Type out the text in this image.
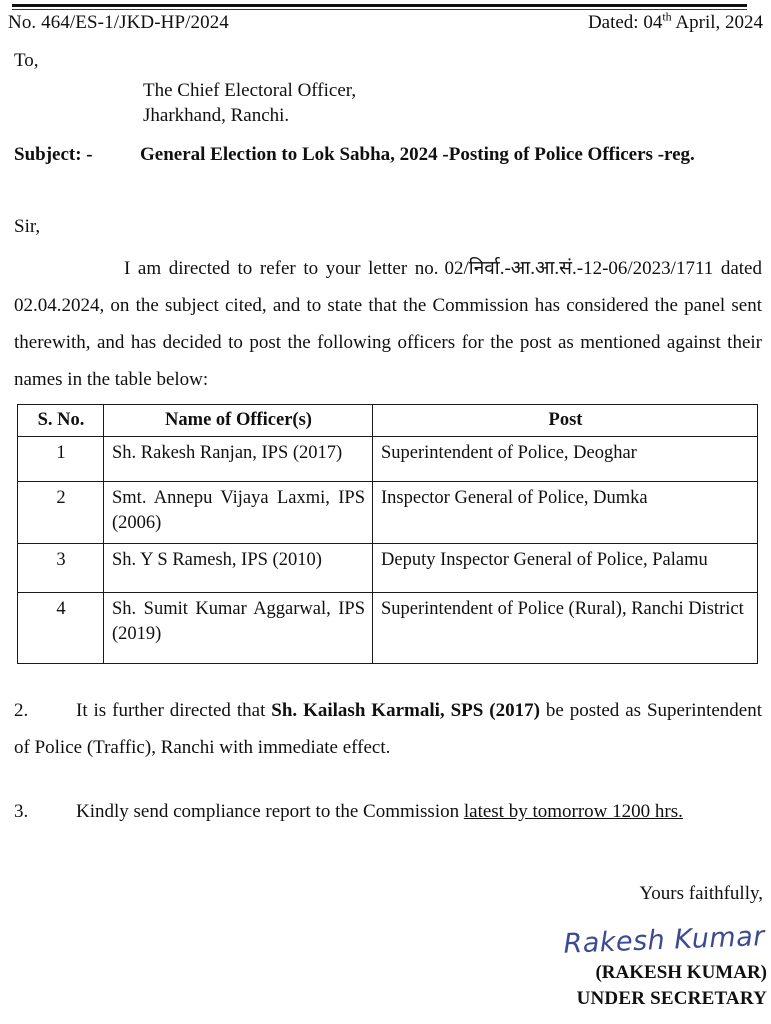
No. 464/ES-1/JKD-HP/2024	Dated: 04th April, 2024
To,
The Chief Electoral Officer,
Jharkhand, Ranchi.
Subject: - General Election to Lok Sabha, 2024 -Posting of Police Officers -reg.
Sir,
I am directed to refer to your letter no. 02/निर्वा.-आ.आ.सं.-12-06/2023/1711 dated 02.04.2024, on the subject cited, and to state that the Commission has considered the panel sent therewith, and has decided to post the following officers for the post as mentioned against their names in the table below:
S. No.	Name of Officer(s)	Post
1	Sh. Rakesh Ranjan, IPS (2017)	Superintendent of Police, Deoghar
2	Smt. Annepu Vijaya Laxmi, IPS (2006)	Inspector General of Police, Dumka
3	Sh. Y S Ramesh, IPS (2010)	Deputy Inspector General of Police, Palamu
4	Sh. Sumit Kumar Aggarwal, IPS (2019)	Superintendent of Police (Rural), Ranchi District
2.	It is further directed that Sh. Kailash Karmali, SPS (2017) be posted as Superintendent of Police (Traffic), Ranchi with immediate effect.
3.	Kindly send compliance report to the Commission latest by tomorrow 1200 hrs.
Yours faithfully,
Rakesh Kumar
(RAKESH KUMAR)
UNDER SECRETARY
